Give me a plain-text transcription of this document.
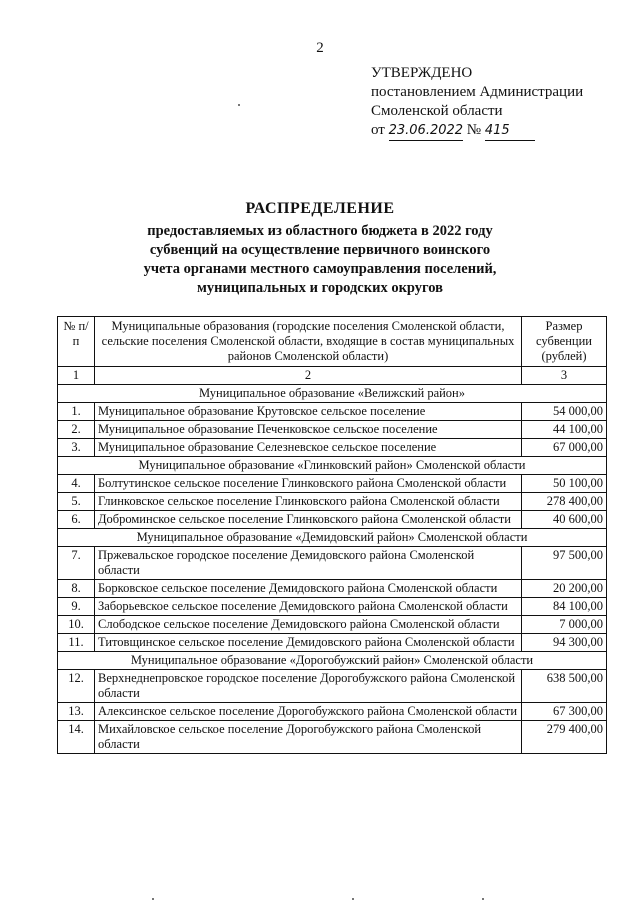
2
УТВЕРЖДЕНО
постановлением Администрации
Смоленской области
от 23.06.2022 № 415
РАСПРЕДЕЛЕНИЕ
предоставляемых из областного бюджета в 2022 году
субвенций на осуществление первичного воинского
учета органами местного самоуправления поселений,
муниципальных и городских округов
№ п/п	Муниципальные образования (городские поселения Смоленской области, сельские поселения Смоленской области, входящие в состав муниципальных районов Смоленской области)	Размер субвенции (рублей)
1	2	3
Муниципальное образование «Велижский район»		
1.	Муниципальное образование Крутовское сельское поселение	54 000,00
2.	Муниципальное образование Печенковское сельское поселение	44 100,00
3.	Муниципальное образование Селезневское сельское поселение	67 000,00
Муниципальное образование «Глинковский район» Смоленской области		
4.	Болтутинское сельское поселение Глинковского района Смоленской области	50 100,00
5.	Глинковское сельское поселение Глинковского района Смоленской области	278 400,00
6.	Доброминское сельское поселение Глинковского района Смоленской области	40 600,00
Муниципальное образование «Демидовский район» Смоленской области		
7.	Пржевальское городское поселение Демидовского района Смоленской области	97 500,00
8.	Борковское сельское поселение Демидовского района Смоленской области	20 200,00
9.	Заборьевское сельское поселение Демидовского района Смоленской области	84 100,00
10.	Слободское сельское поселение Демидовского района Смоленской области	7 000,00
11.	Титовщинское сельское поселение Демидовского района Смоленской области	94 300,00
Муниципальное образование «Дорогобужский район» Смоленской области		
12.	Верхнеднепровское городское поселение Дорогобужского района Смоленской области	638 500,00
13.	Алексинское сельское поселение Дорогобужского района Смоленской области	67 300,00
14.	Михайловское сельское поселение Дорогобужского района Смоленской области	279 400,00
